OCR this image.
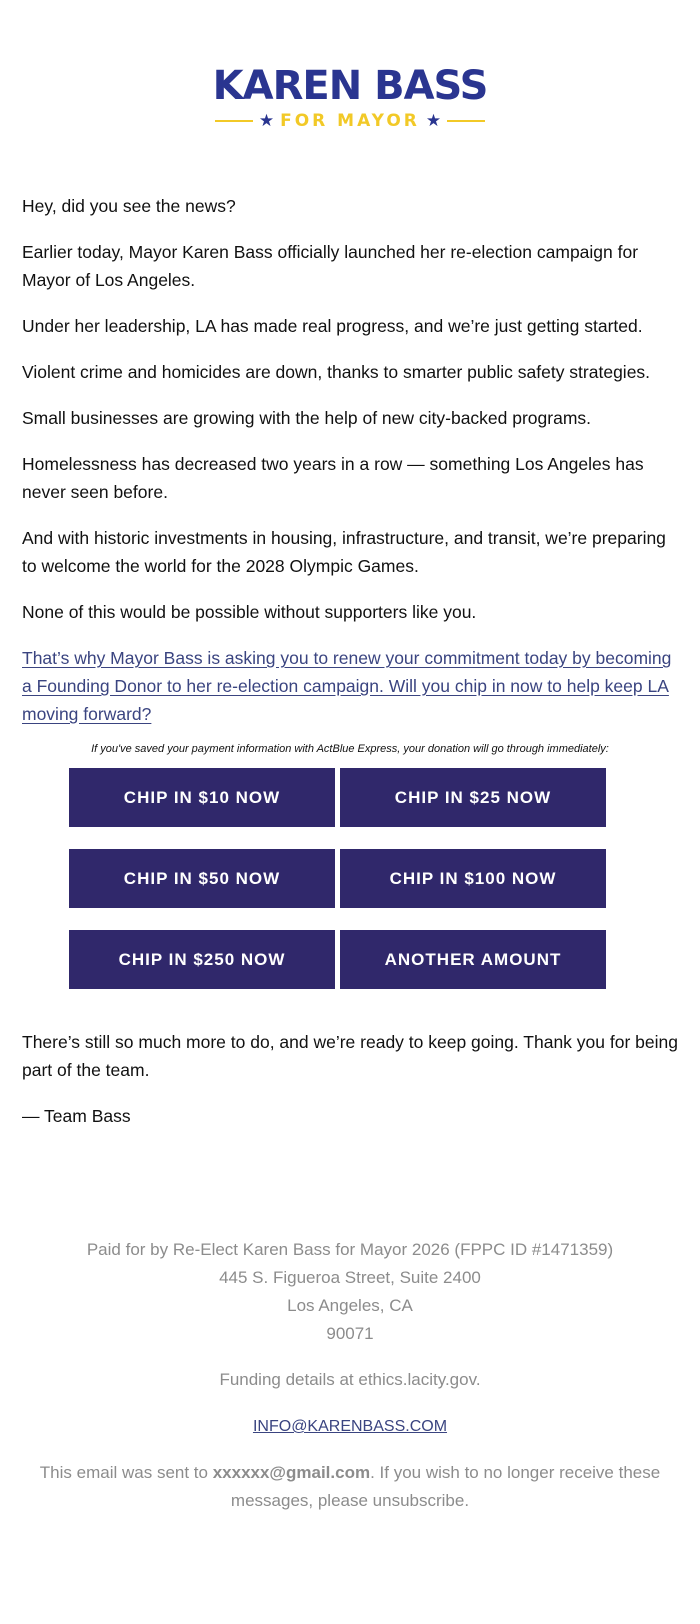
KAREN BASS
★ FOR MAYOR ★

Hey, did you see the news?

Earlier today, Mayor Karen Bass officially launched her re-election campaign for Mayor of Los Angeles.

Under her leadership, LA has made real progress, and we’re just getting started.

Violent crime and homicides are down, thanks to smarter public safety strategies.

Small businesses are growing with the help of new city-backed programs.

Homelessness has decreased two years in a row — something Los Angeles has never seen before.

And with historic investments in housing, infrastructure, and transit, we’re preparing to welcome the world for the 2028 Olympic Games.

None of this would be possible without supporters like you.

That’s why Mayor Bass is asking you to renew your commitment today by becoming a Founding Donor to her re-election campaign. Will you chip in now to help keep LA moving forward?

If you've saved your payment information with ActBlue Express, your donation will go through immediately:

CHIP IN $10 NOW	CHIP IN $25 NOW
CHIP IN $50 NOW	CHIP IN $100 NOW
CHIP IN $250 NOW	ANOTHER AMOUNT

There’s still so much more to do, and we’re ready to keep going. Thank you for being part of the team.

— Team Bass

Paid for by Re-Elect Karen Bass for Mayor 2026 (FPPC ID #1471359)

445 S. Figueroa Street, Suite 2400

Los Angeles, CA

90071

Funding details at ethics.lacity.gov.

INFO@KARENBASS.COM

This email was sent to xxxxxx@gmail.com. If you wish to no longer receive these messages, please unsubscribe.
